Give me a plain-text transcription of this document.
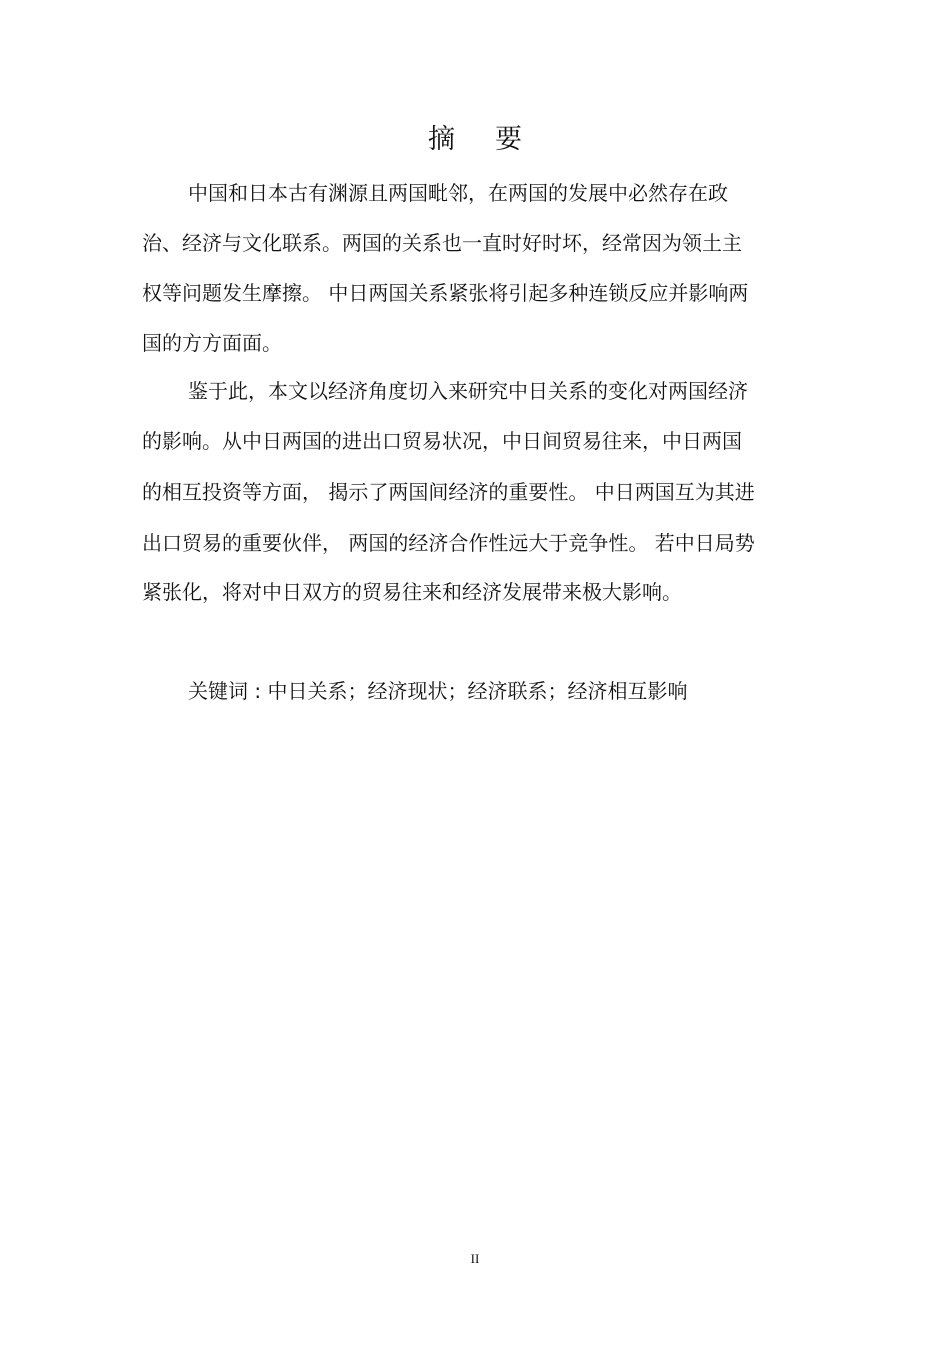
摘 要
中国和日本古有渊源且两国毗邻，在两国的发展中必然存在政
治、经济与文化联系。两国的关系也一直时好时坏，经常因为领土主
权等问题发生摩擦。 中日两国关系紧张将引起多种连锁反应并影响两
国的方方面面。
鉴于此，本文以经济角度切入来研究中日关系的变化对两国经济
的影响。从中日两国的进出口贸易状况，中日间贸易往来，中日两国
的相互投资等方面， 揭示了两国间经济的重要性。 中日两国互为其进
出口贸易的重要伙伴， 两国的经济合作性远大于竞争性。 若中日局势
紧张化，将对中日双方的贸易往来和经济发展带来极大影响。
关键词 : 中日关系；经济现状；经济联系；经济相互影响
II
